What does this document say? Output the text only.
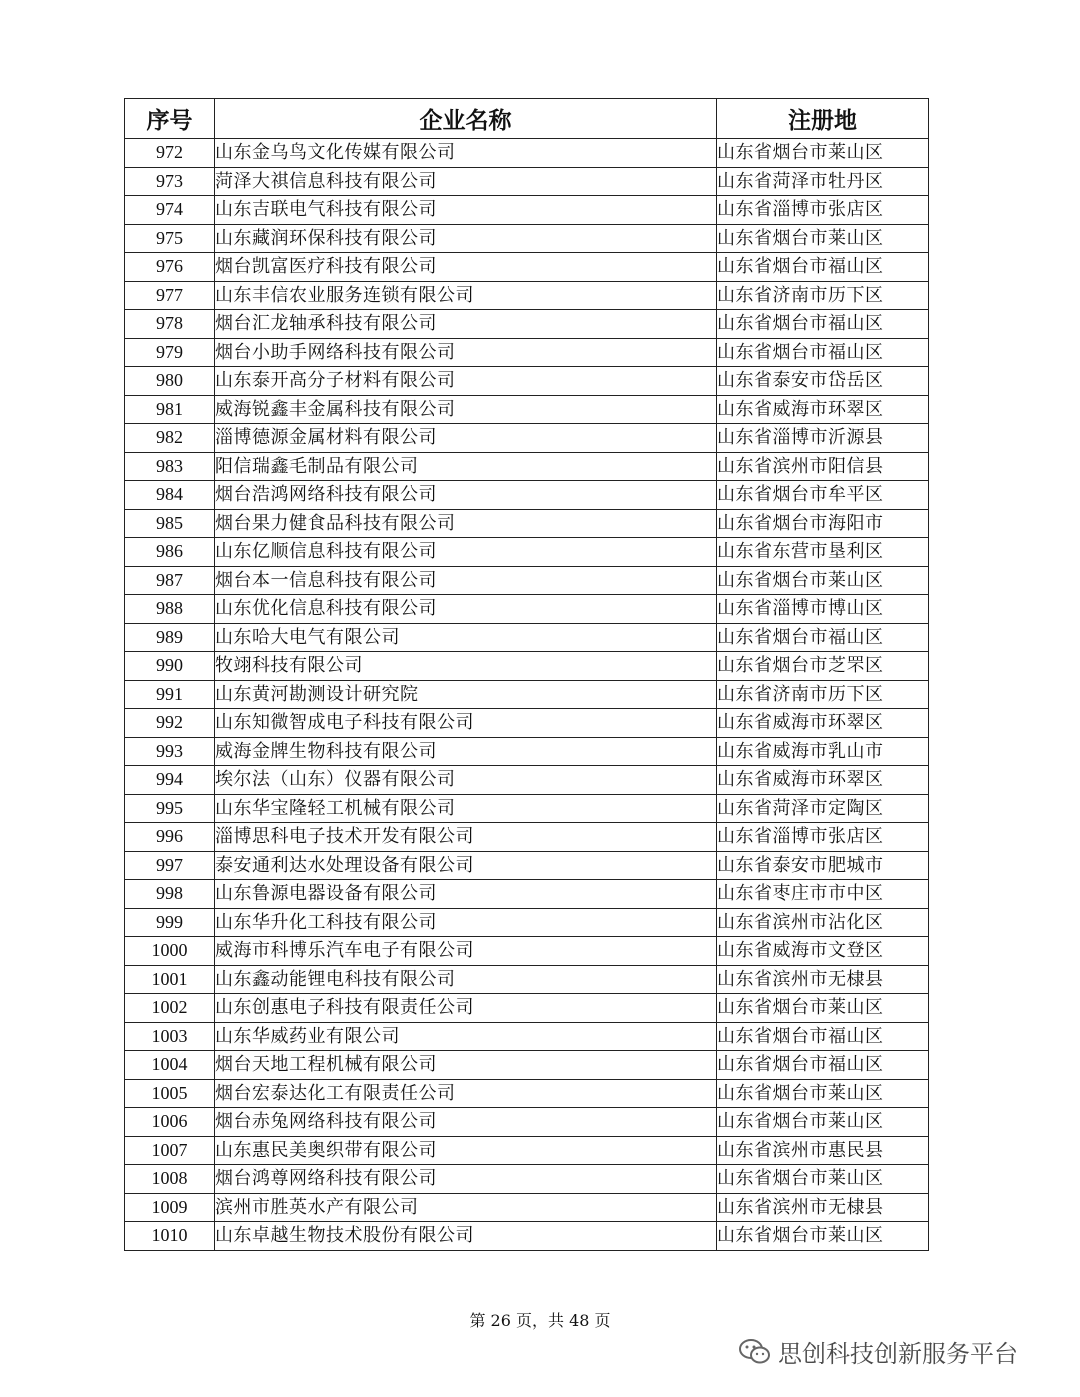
序号	企业名称	注册地
972	山东金乌鸟文化传媒有限公司	山东省烟台市莱山区
973	菏泽大祺信息科技有限公司	山东省菏泽市牡丹区
974	山东吉联电气科技有限公司	山东省淄博市张店区
975	山东藏润环保科技有限公司	山东省烟台市莱山区
976	烟台凯富医疗科技有限公司	山东省烟台市福山区
977	山东丰信农业服务连锁有限公司	山东省济南市历下区
978	烟台汇龙轴承科技有限公司	山东省烟台市福山区
979	烟台小助手网络科技有限公司	山东省烟台市福山区
980	山东泰开高分子材料有限公司	山东省泰安市岱岳区
981	威海锐鑫丰金属科技有限公司	山东省威海市环翠区
982	淄博德源金属材料有限公司	山东省淄博市沂源县
983	阳信瑞鑫毛制品有限公司	山东省滨州市阳信县
984	烟台浩鸿网络科技有限公司	山东省烟台市牟平区
985	烟台果力健食品科技有限公司	山东省烟台市海阳市
986	山东亿顺信息科技有限公司	山东省东营市垦利区
987	烟台本一信息科技有限公司	山东省烟台市莱山区
988	山东优化信息科技有限公司	山东省淄博市博山区
989	山东哈大电气有限公司	山东省烟台市福山区
990	牧翊科技有限公司	山东省烟台市芝罘区
991	山东黄河勘测设计研究院	山东省济南市历下区
992	山东知微智成电子科技有限公司	山东省威海市环翠区
993	威海金牌生物科技有限公司	山东省威海市乳山市
994	埃尔法（山东）仪器有限公司	山东省威海市环翠区
995	山东华宝隆轻工机械有限公司	山东省菏泽市定陶区
996	淄博思科电子技术开发有限公司	山东省淄博市张店区
997	泰安通利达水处理设备有限公司	山东省泰安市肥城市
998	山东鲁源电器设备有限公司	山东省枣庄市市中区
999	山东华升化工科技有限公司	山东省滨州市沾化区
1000	威海市科博乐汽车电子有限公司	山东省威海市文登区
1001	山东鑫动能锂电科技有限公司	山东省滨州市无棣县
1002	山东创惠电子科技有限责任公司	山东省烟台市莱山区
1003	山东华威药业有限公司	山东省烟台市福山区
1004	烟台天地工程机械有限公司	山东省烟台市福山区
1005	烟台宏泰达化工有限责任公司	山东省烟台市莱山区
1006	烟台赤兔网络科技有限公司	山东省烟台市莱山区
1007	山东惠民美奥织带有限公司	山东省滨州市惠民县
1008	烟台鸿尊网络科技有限公司	山东省烟台市莱山区
1009	滨州市胜英水产有限公司	山东省滨州市无棣县
1010	山东卓越生物技术股份有限公司	山东省烟台市莱山区
第 26 页，共 48 页
思创科技创新服务平台
